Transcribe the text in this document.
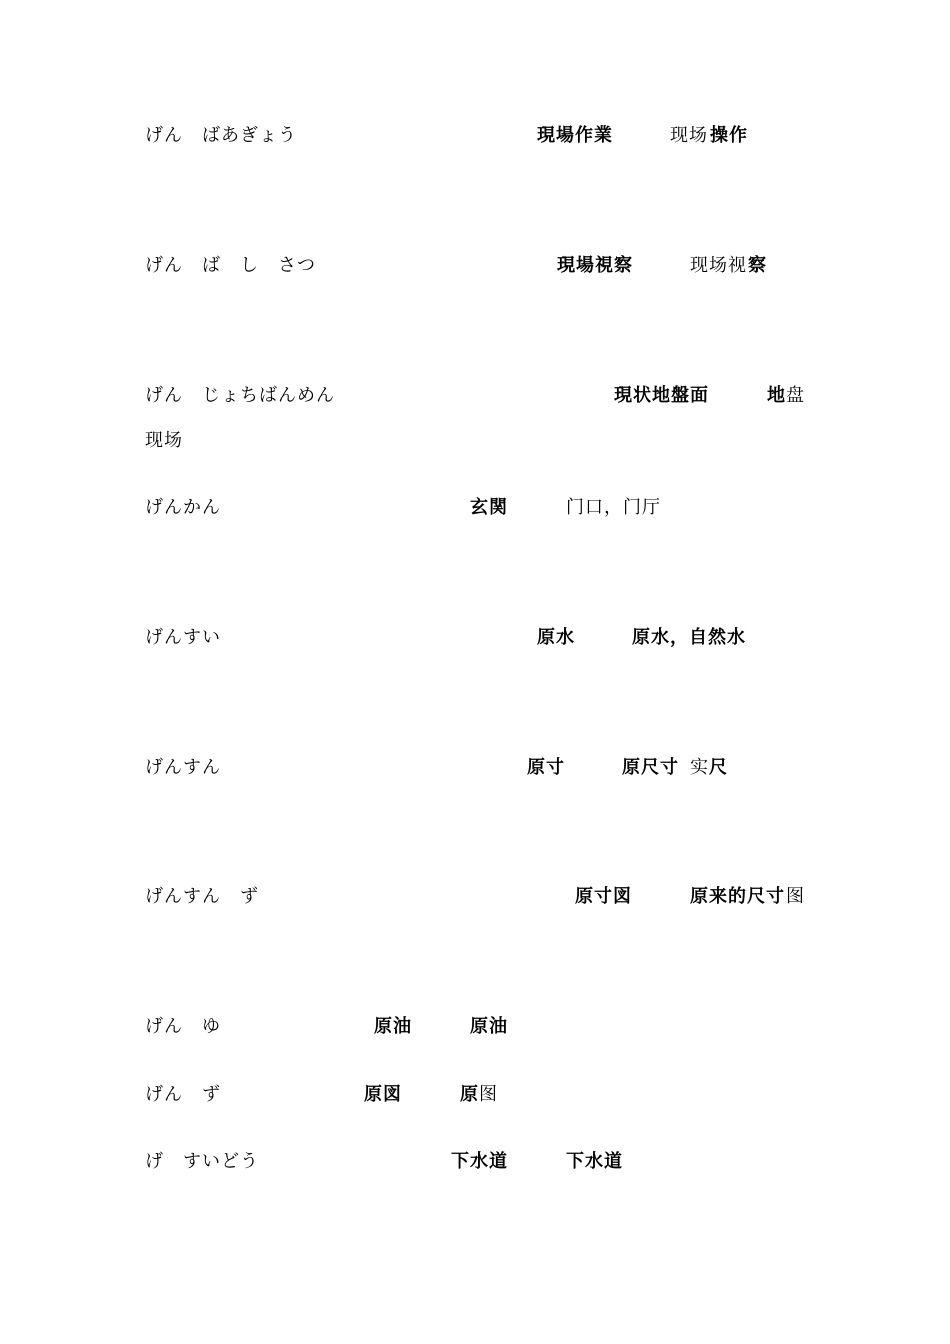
げん　ばあぎょう	現場作業	现场 操作
げん　ば　し　さつ	現場視察	现场视 察
げん　じょちばんめん	現状地盤面	地 盘
现场
げんかん	玄関	门口，门厅
げんすい	原水	原水，自然水
げんすん	原寸	原尺寸 实 尺
げんすん　ず	原寸図	原来的尺寸 图
げん　ゆ	原油	原油
げん　ず	原図	原 图
げ　すいどう	下水道	下水道
